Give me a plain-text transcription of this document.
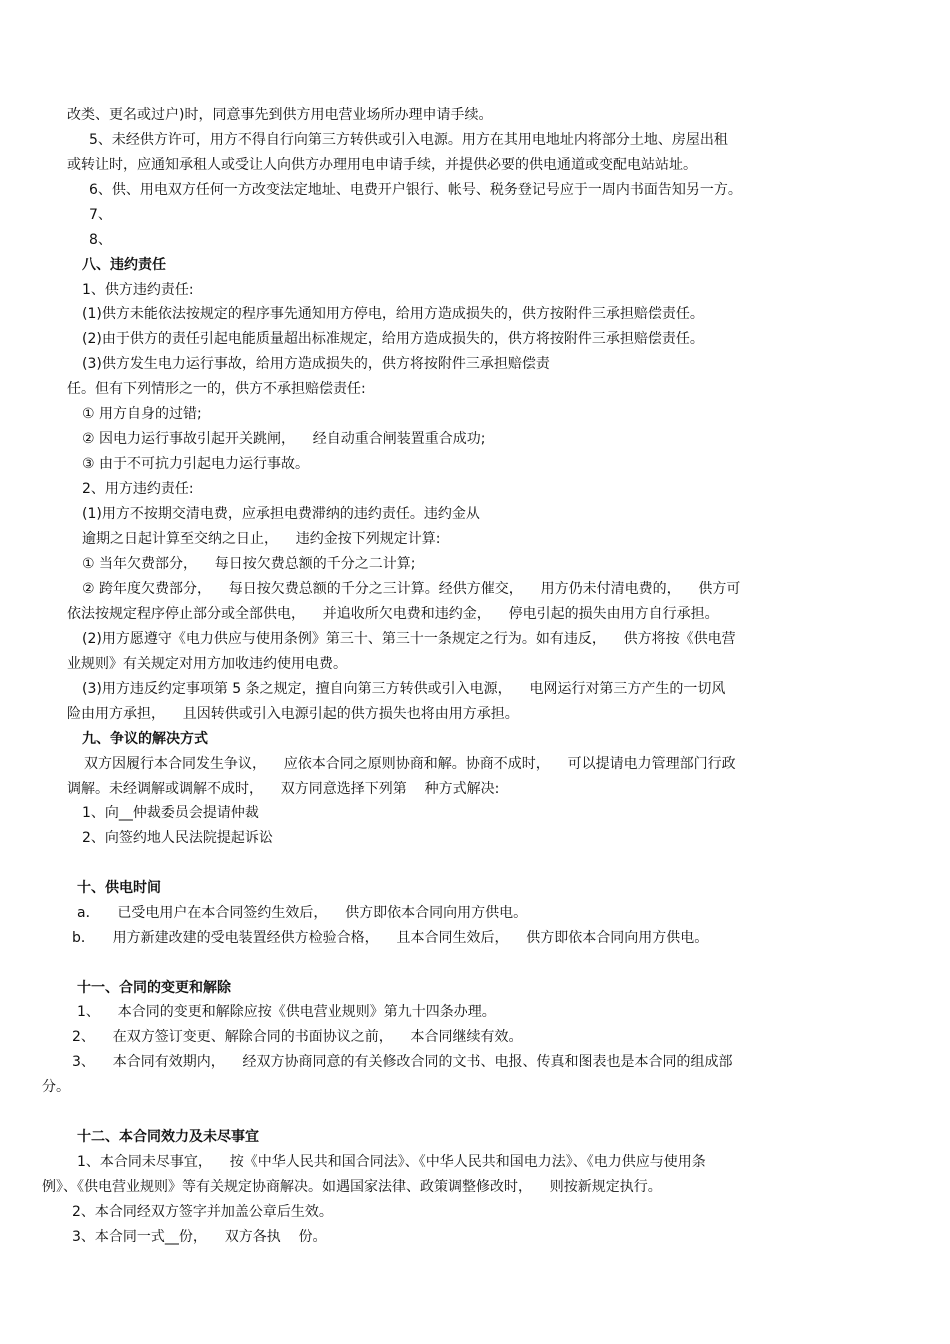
改类、更名或过户)时，同意事先到供方用电营业场所办理申请手续。
5、未经供方许可，用方不得自行向第三方转供或引入电源。用方在其用电地址内将部分土地、房屋出租
或转让时，应通知承租人或受让人向供方办理用电申请手续，并提供必要的供电通道或变配电站站址。
6、供、用电双方任何一方改变法定地址、电费开户银行、帐号、税务登记号应于一周内书面告知另一方。
7、
8、
八、违约责任
1、供方违约责任:
(1)供方未能依法按规定的程序事先通知用方停电，给用方造成损失的，供方按附件三承担赔偿责任。
(2)由于供方的责任引起电能质量超出标准规定，给用方造成损失的，供方将按附件三承担赔偿责任。
(3)供方发生电力运行事故，给用方造成损失的，供方将按附件三承担赔偿责
任。但有下列情形之一的，供方不承担赔偿责任:
① 用方自身的过错;
② 因电力运行事故引起开关跳闸，    经自动重合闸装置重合成功;
③ 由于不可抗力引起电力运行事故。
2、用方违约责任:
(1)用方不按期交清电费，应承担电费滞纳的违约责任。违约金从
逾期之日起计算至交纳之日止，    违约金按下列规定计算:
① 当年欠费部分，    每日按欠费总额的千分之二计算;
② 跨年度欠费部分，    每日按欠费总额的千分之三计算。经供方催交，    用方仍未付清电费的，    供方可
依法按规定程序停止部分或全部供电，    并追收所欠电费和违约金，    停电引起的损失由用方自行承担。
(2)用方愿遵守《电力供应与使用条例》第三十、第三十一条规定之行为。如有违反，    供方将按《供电营
业规则》有关规定对用方加收违约使用电费。
(3)用方违反约定事项第 5 条之规定，擅自向第三方转供或引入电源，    电网运行对第三方产生的一切风
险由用方承担，    且因转供或引入电源引起的供方损失也将由用方承担。
九、争议的解决方式
双方因履行本合同发生争议，    应依本合同之原则协商和解。协商不成时，    可以提请电力管理部门行政
调解。未经调解或调解不成时，    双方同意选择下列第    种方式解决:
1、向__仲裁委员会提请仲裁
2、向签约地人民法院提起诉讼
十、供电时间
a．    已受电用户在本合同签约生效后，    供方即依本合同向用方供电。
b．    用方新建改建的受电装置经供方检验合格，    且本合同生效后，    供方即依本合同向用方供电。
十一、合同的变更和解除
1、    本合同的变更和解除应按《供电营业规则》第九十四条办理。
2、    在双方签订变更、解除合同的书面协议之前，    本合同继续有效。
3、    本合同有效期内，    经双方协商同意的有关修改合同的文书、电报、传真和图表也是本合同的组成部
分。
十二、本合同效力及未尽事宜
1、本合同未尽事宜，    按《中华人民共和国合同法》、《中华人民共和国电力法》、《电力供应与使用条
例》、《供电营业规则》等有关规定协商解决。如遇国家法律、政策调整修改时，    则按新规定执行。
2、本合同经双方签字并加盖公章后生效。
3、本合同一式__份，    双方各执    份。
